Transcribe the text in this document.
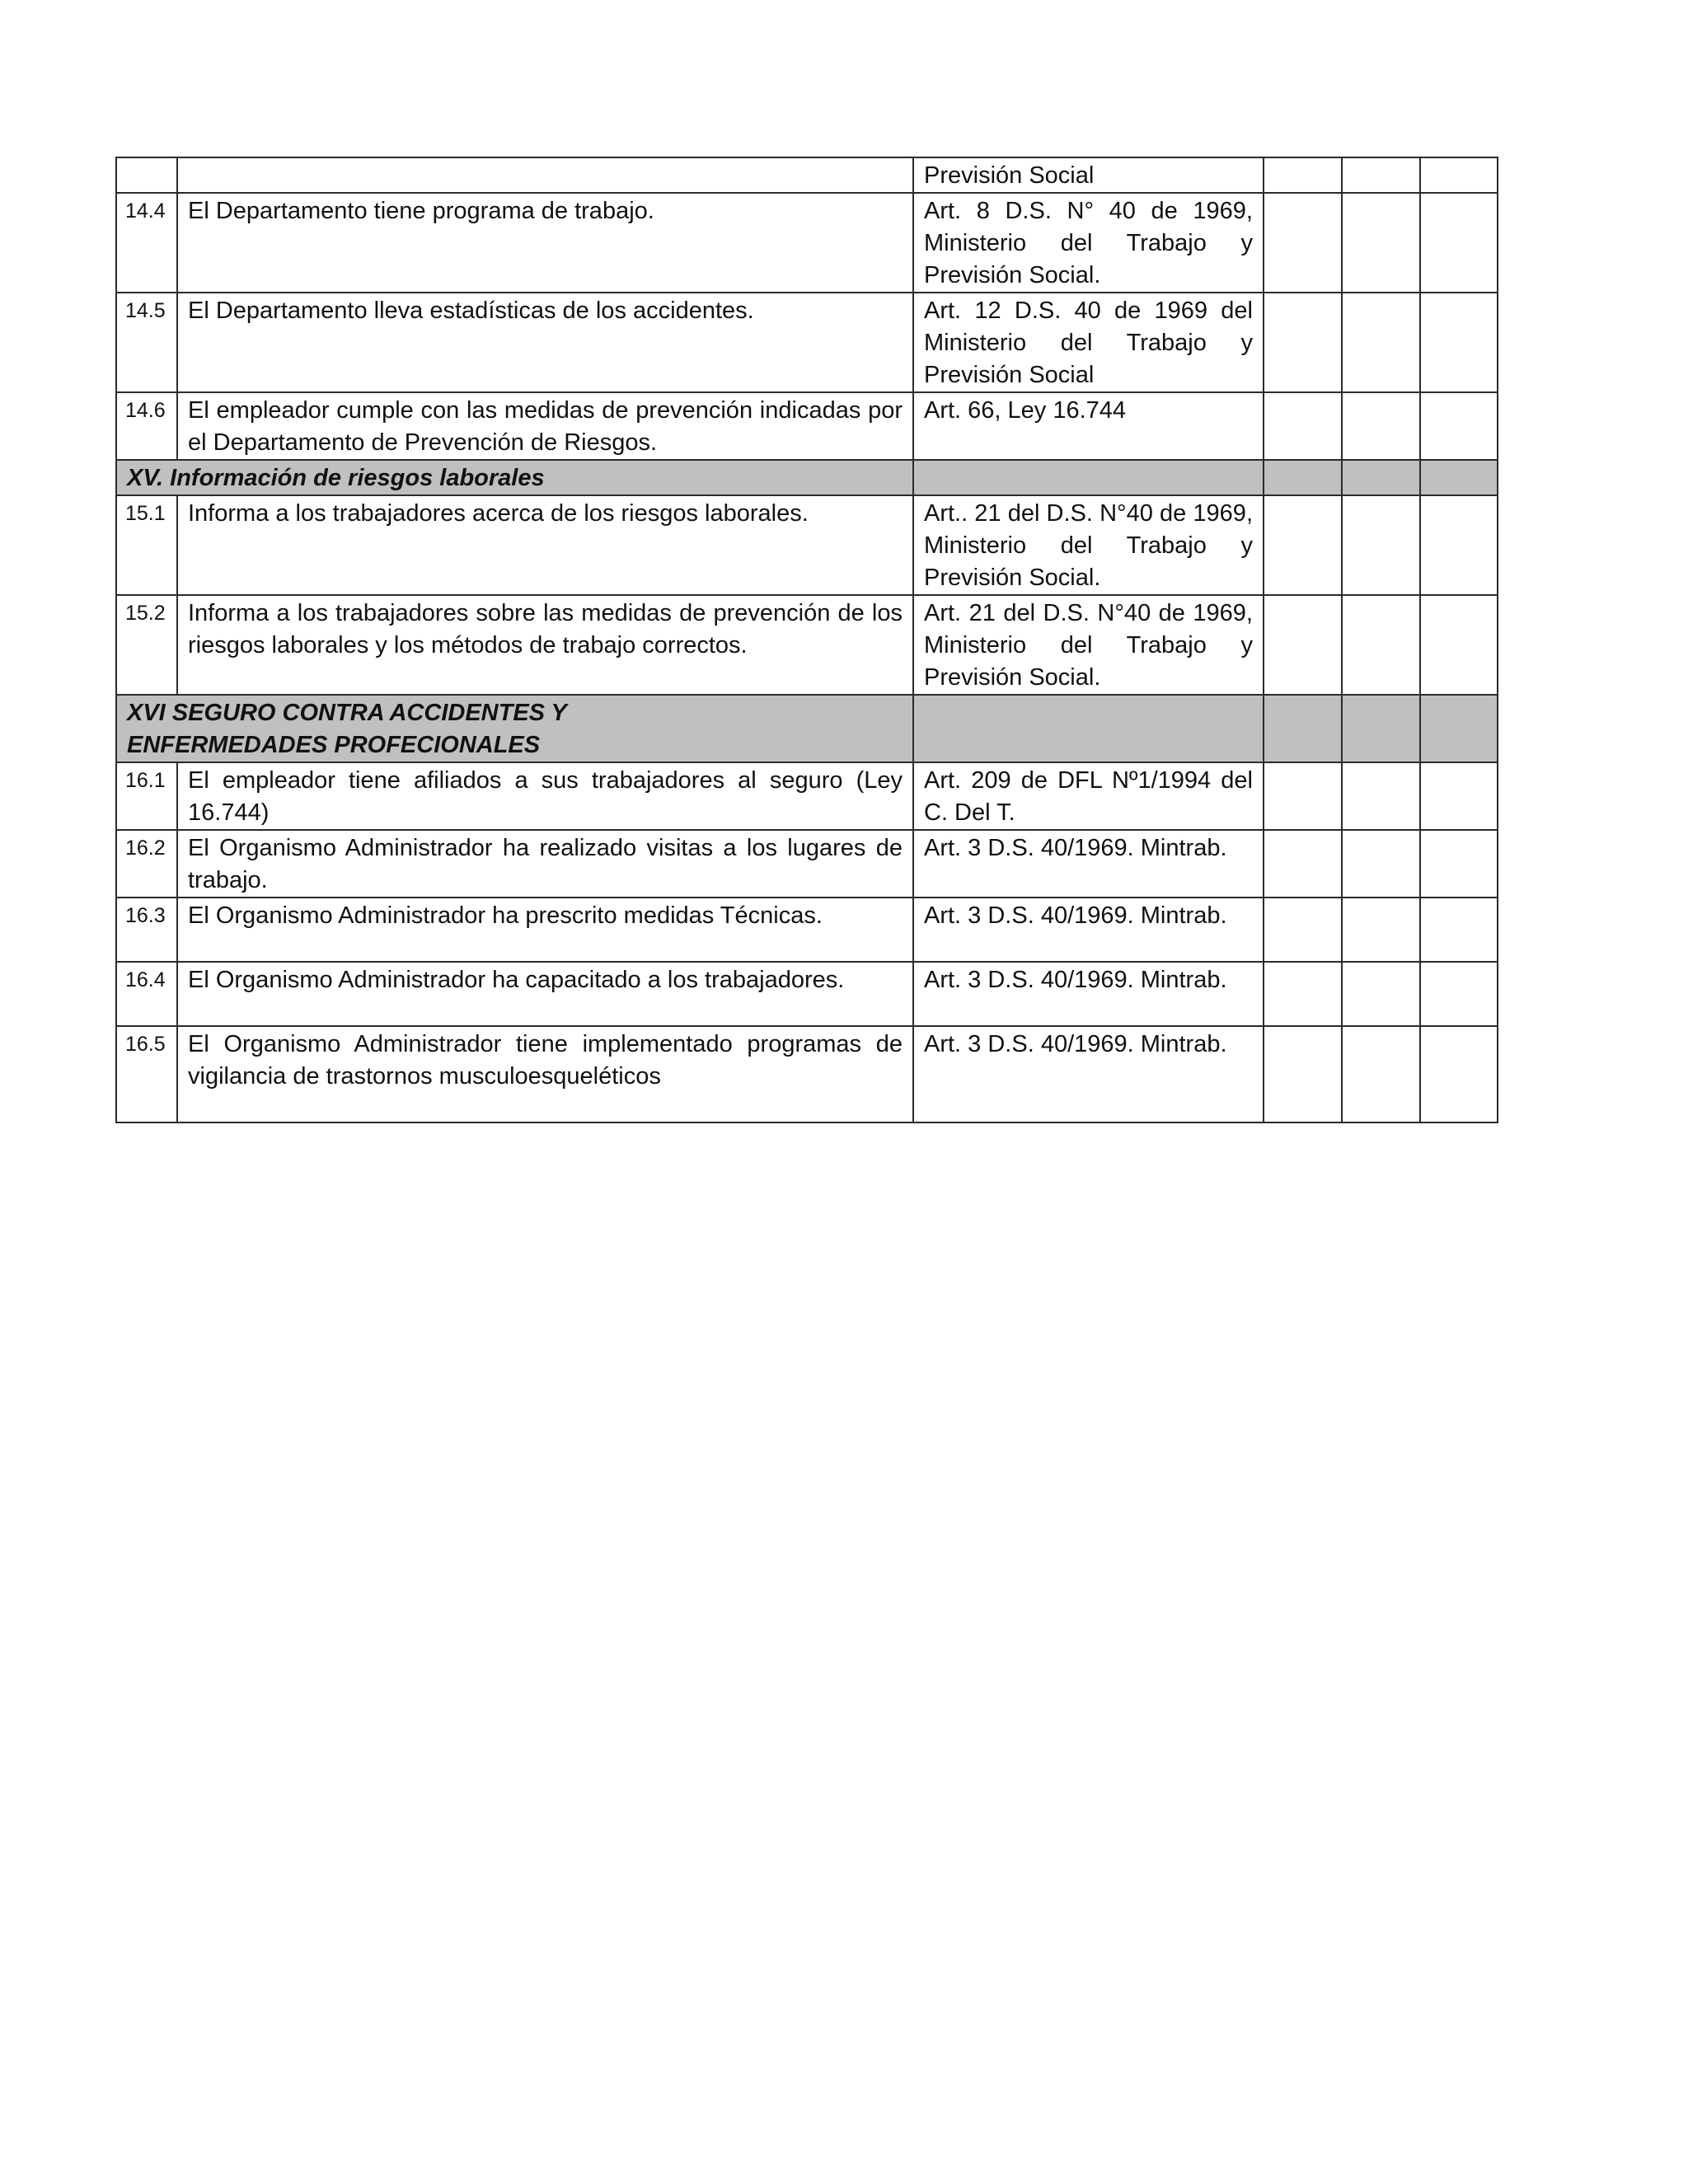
		Previsión Social			
14.4	El Departamento tiene programa de trabajo.	Art. 8 D.S. N° 40 de 1969, Ministerio del Trabajo y Previsión Social.			
14.5	El Departamento lleva estadísticas de los accidentes.	Art. 12 D.S. 40 de 1969 del Ministerio del Trabajo y Previsión Social			
14.6	El empleador cumple con las medidas de prevención indicadas por el Departamento de Prevención de Riesgos.	Art. 66, Ley 16.744			
XV. Información de riesgos laborales					
15.1	Informa a los trabajadores acerca de los riesgos laborales.	Art.. 21 del D.S. N°40 de 1969, Ministerio del Trabajo y Previsión Social.			
15.2	Informa a los trabajadores sobre las medidas de prevención de los riesgos laborales y los métodos de trabajo correctos.	Art. 21 del D.S. N°40 de 1969, Ministerio del Trabajo y Previsión Social.			

XVI SEGURO CONTRA ACCIDENTES Y ENFERMEDADES PROFECIONALES					

16.1	El empleador tiene afiliados a sus trabajadores al seguro (Ley 16.744)	Art. 209 de DFL Nº1/1994 del C. Del T.			
16.2	El Organismo Administrador ha realizado visitas a los lugares de trabajo.	Art. 3 D.S. 40/1969. Mintrab.			
16.3	El Organismo Administrador ha prescrito medidas Técnicas.	Art. 3 D.S. 40/1969. Mintrab.			
16.4	El Organismo Administrador ha capacitado a los trabajadores.	Art. 3 D.S. 40/1969. Mintrab.			
16.5	El Organismo Administrador tiene implementado programas de vigilancia de trastornos musculoesqueléticos	Art. 3 D.S. 40/1969. Mintrab.			
